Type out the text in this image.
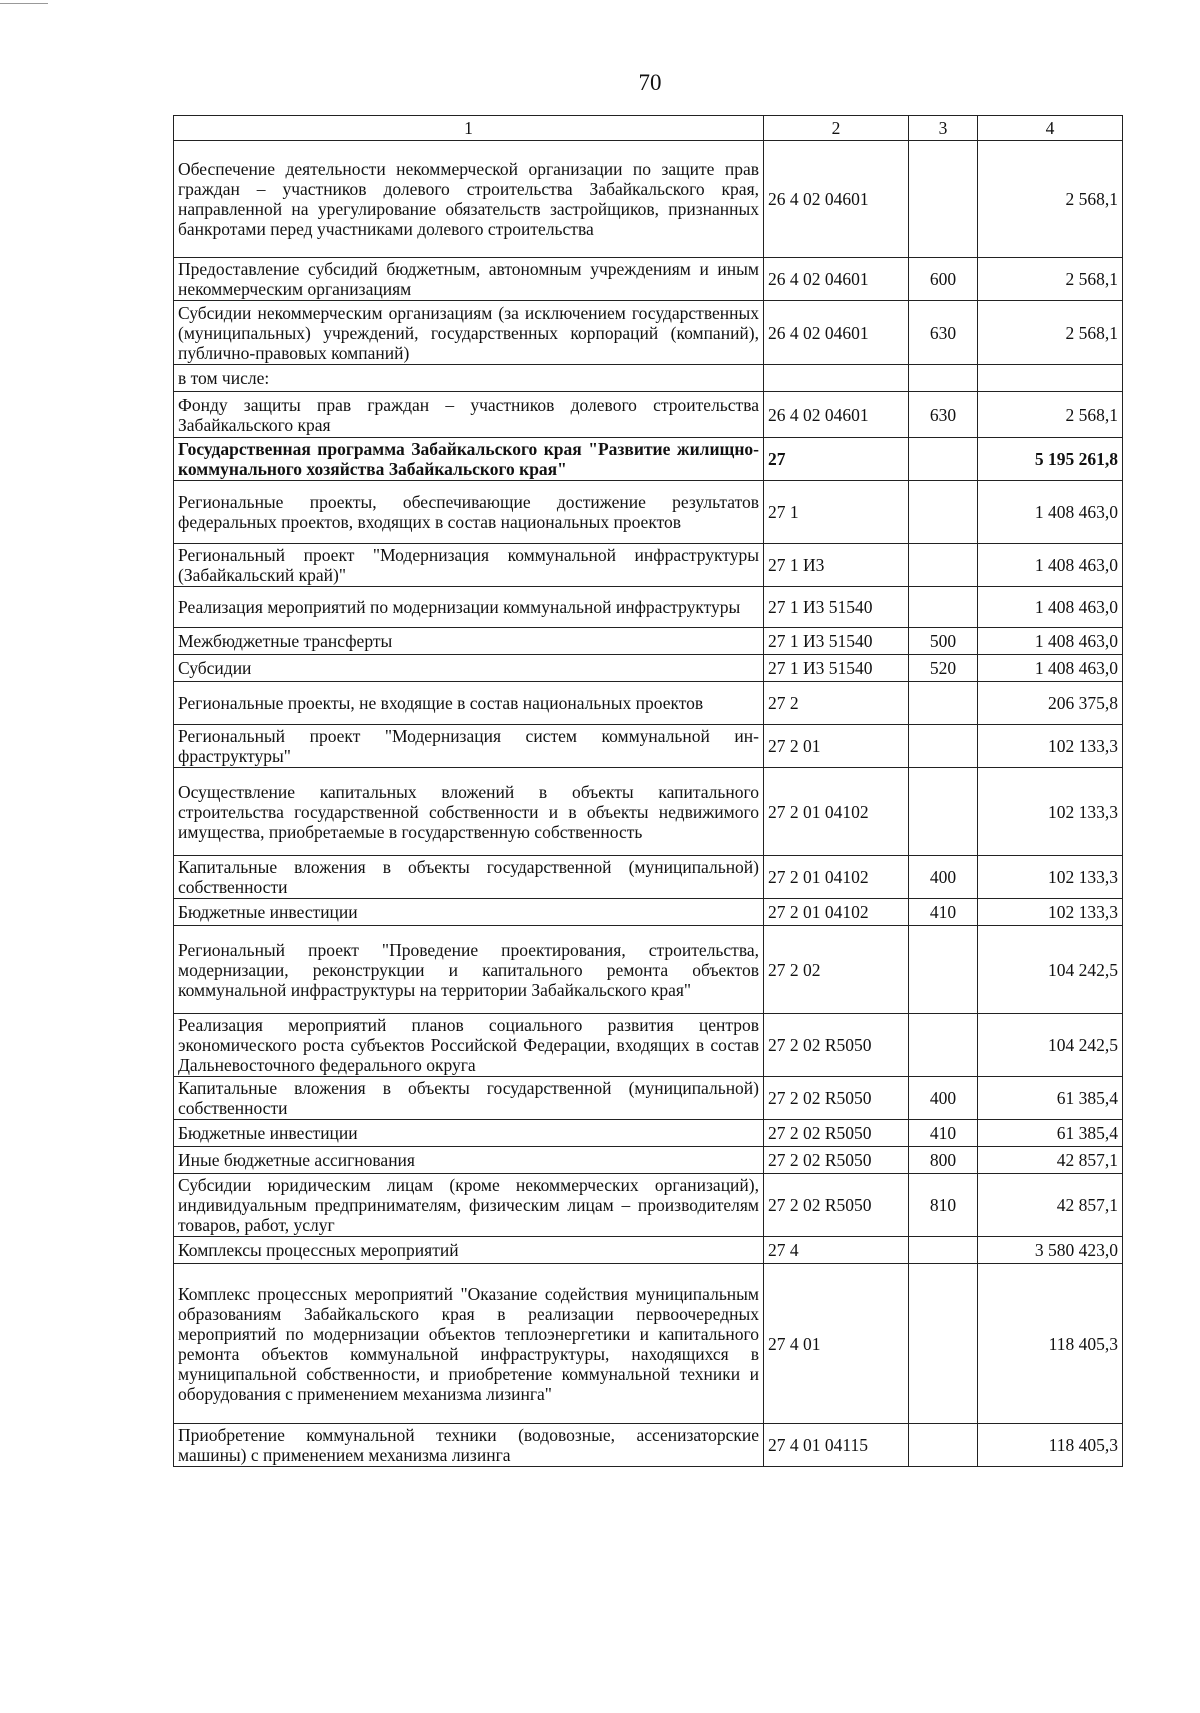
70
1	2	3	4
Обеспечение деятельности некоммерческой организации по защите прав граждан – участников долевого строительства Забайкальского края, направленной на урегулирование обязательств застройщиков, признанных банкротами перед участниками долевого строительства	26 4 02 04601		2 568,1
Предоставление субсидий бюджетным, автономным учреждениям и иным некоммерческим организациям	26 4 02 04601	600	2 568,1
Субсидии некоммерческим организациям (за исключением государственных (муниципальных) учреждений, государственных корпораций (компаний), публично-правовых компаний)	26 4 02 04601	630	2 568,1
в том числе:			
Фонду защиты прав граждан – участников долевого строительства Забайкальского края	26 4 02 04601	630	2 568,1
Государственная программа Забайкальского края "Развитие жилищно-коммунального хозяйства Забайкальского края"	27		5 195 261,8
Региональные проекты, обеспечивающие достижение результатов федеральных проектов, входящих в состав национальных проектов	27 1		1 408 463,0
Региональный проект "Модернизация коммунальной инфраструктуры (Забайкальский край)"	27 1 И3		1 408 463,0
Реализация мероприятий по модернизации коммунальной инфраструктуры	27 1 И3 51540		1 408 463,0
Межбюджетные трансферты	27 1 И3 51540	500	1 408 463,0
Субсидии	27 1 И3 51540	520	1 408 463,0
Региональные проекты, не входящие в состав национальных проектов	27 2		206 375,8
Региональный проект "Модернизация систем коммунальной инфраструктуры"	27 2 01		102 133,3
Осуществление капитальных вложений в объекты капитального строительства государственной собственности и в объекты недвижимого имущества, приобретаемые в государственную собственность	27 2 01 04102		102 133,3
Капитальные вложения в объекты государственной (муниципальной) собственности	27 2 01 04102	400	102 133,3
Бюджетные инвестиции	27 2 01 04102	410	102 133,3
Региональный проект "Проведение проектирования, строительства, модернизации, реконструкции и капитального ремонта объектов коммунальной инфраструктуры на территории Забайкальского края"	27 2 02		104 242,5
Реализация мероприятий планов социального развития центров экономического роста субъектов Российской Федерации, входящих в состав Дальневосточного федерального округа	27 2 02 R5050		104 242,5
Капитальные вложения в объекты государственной (муниципальной) собственности	27 2 02 R5050	400	61 385,4
Бюджетные инвестиции	27 2 02 R5050	410	61 385,4
Иные бюджетные ассигнования	27 2 02 R5050	800	42 857,1
Субсидии юридическим лицам (кроме некоммерческих организаций), индивидуальным предпринимателям, физическим лицам – производителям товаров, работ, услуг	27 2 02 R5050	810	42 857,1
Комплексы процессных мероприятий	27 4		3 580 423,0
Комплекс процессных мероприятий "Оказание содействия муниципальным образованиям Забайкальского края в реализации первоочередных мероприятий по модернизации объектов теплоэнергетики и капитального ремонта объектов коммунальной инфраструктуры, находящихся в муниципальной собственности, и приобретение коммунальной техники и оборудования с применением механизма лизинга"	27 4 01		118 405,3
Приобретение коммунальной техники (водовозные, ассенизаторские машины) с применением механизма лизинга	27 4 01 04115		118 405,3
